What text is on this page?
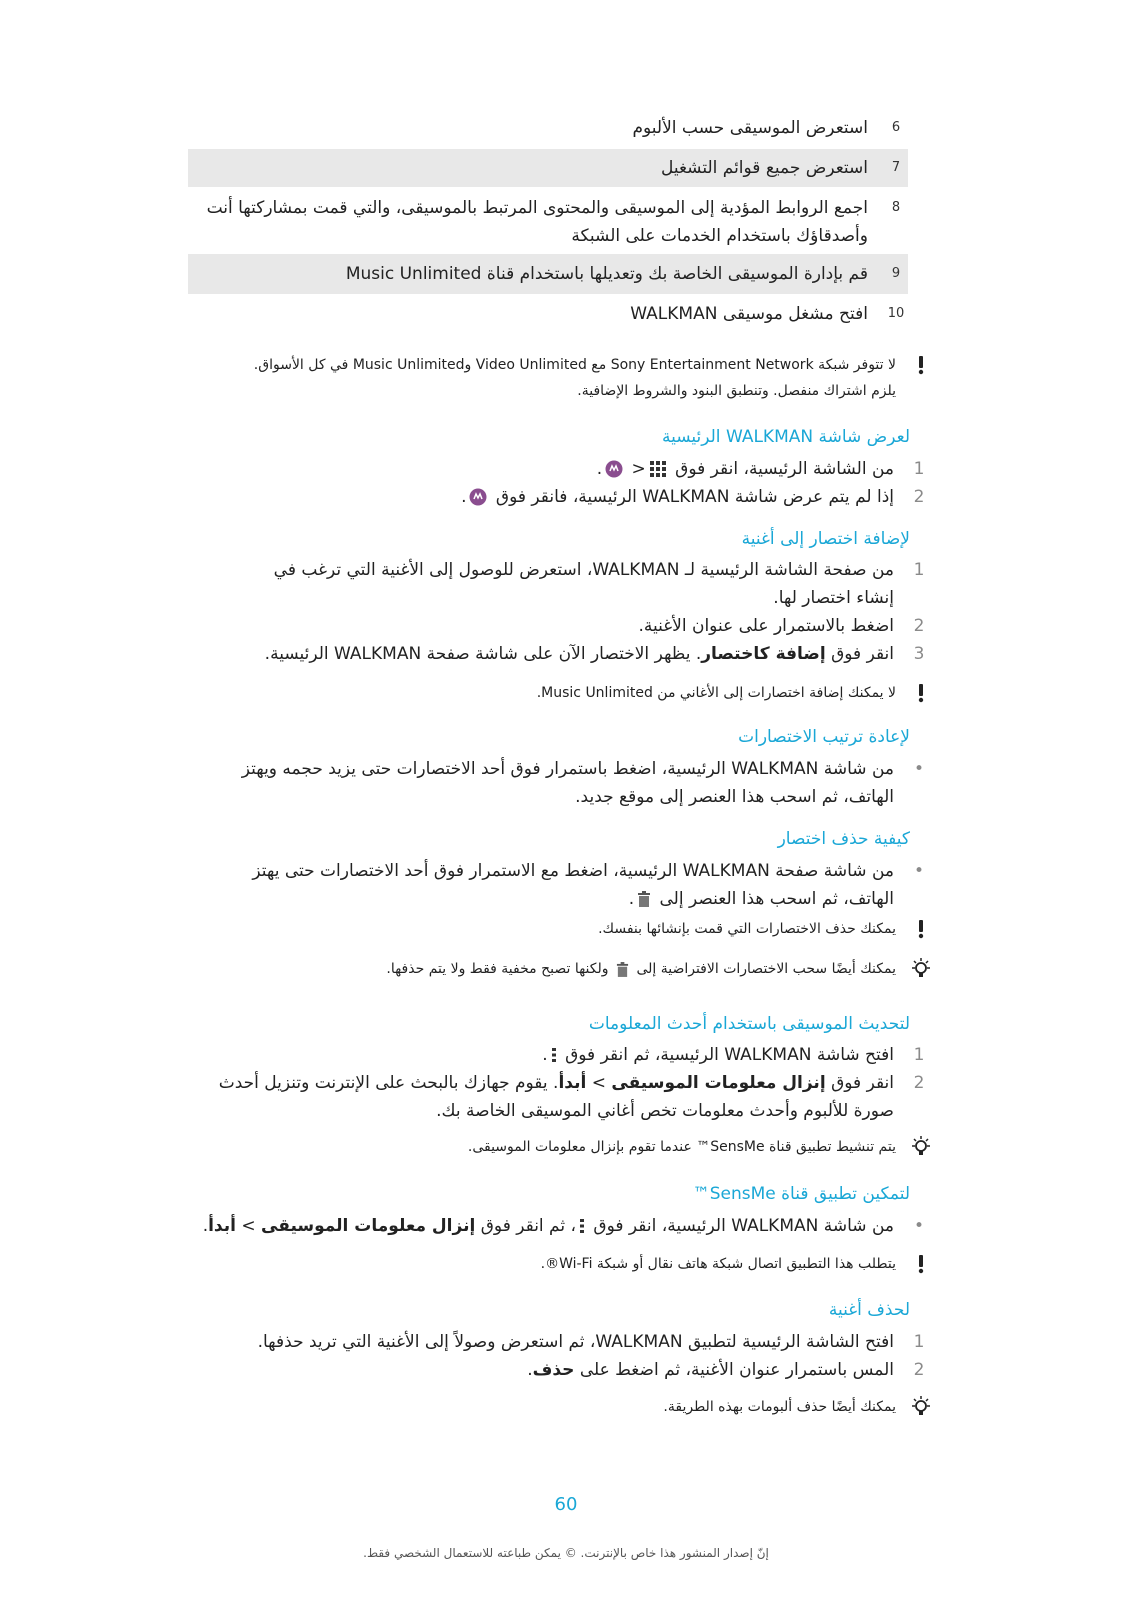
6
استعرض الموسيقى حسب الألبوم
7
استعرض جميع قوائم التشغيل
8
اجمع الروابط المؤدية إلى الموسيقى والمحتوى المرتبط بالموسيقى، والتي قمت بمشاركتها أنت
وأصدقاؤك باستخدام الخدمات على الشبكة
9
قم بإدارة الموسيقى الخاصة بك وتعديلها باستخدام قناة Music Unlimited
10
افتح مشغل موسيقى WALKMAN
لا تتوفر شبكة Sony Entertainment Network مع Video Unlimited وMusic Unlimited في كل الأسواق.
يلزم اشتراك منفصل. وتنطبق البنود والشروط الإضافية.
لعرض شاشة WALKMAN الرئيسية
1
من الشاشة الرئيسية، انقر فوق < .
2
إذا لم يتم عرض شاشة WALKMAN الرئيسية، فانقر فوق .
لإضافة اختصار إلى أغنية
1
من صفحة الشاشة الرئيسية لـ WALKMAN، استعرض للوصول إلى الأغنية التي ترغب في
إنشاء اختصار لها.
2
اضغط بالاستمرار على عنوان الأغنية.
3
انقر فوق إضافة كاختصار. يظهر الاختصار الآن على شاشة صفحة WALKMAN الرئيسية.
لا يمكنك إضافة اختصارات إلى الأغاني من Music Unlimited.
لإعادة ترتيب الاختصارات
•
من شاشة WALKMAN الرئيسية، اضغط باستمرار فوق أحد الاختصارات حتى يزيد حجمه ويهتز
الهاتف، ثم اسحب هذا العنصر إلى موقع جديد.
كيفية حذف اختصار
•
من شاشة صفحة WALKMAN الرئيسية، اضغط مع الاستمرار فوق أحد الاختصارات حتى يهتز
الهاتف، ثم اسحب هذا العنصر إلى .
يمكنك حذف الاختصارات التي قمت بإنشائها بنفسك.
يمكنك أيضًا سحب الاختصارات الافتراضية إلى  ولكنها تصبح مخفية فقط ولا يتم حذفها.
لتحديث الموسيقى باستخدام أحدث المعلومات
1
افتح شاشة WALKMAN الرئيسية، ثم انقر فوق .
2
انقر فوق إنزال معلومات الموسيقى > أبدأ. يقوم جهازك بالبحث على الإنترنت وتنزيل أحدث
صورة للألبوم وأحدث معلومات تخص أغاني الموسيقى الخاصة بك.
يتم تنشيط تطبيق قناة SensMe™ عندما تقوم بإنزال معلومات الموسيقى.
لتمكين تطبيق قناة SensMe™
•
من شاشة WALKMAN الرئيسية، انقر فوق ، ثم انقر فوق إنزال معلومات الموسيقى > أبدأ.
يتطلب هذا التطبيق اتصال شبكة هاتف نقال أو شبكة Wi-Fi®.
لحذف أغنية
1
افتح الشاشة الرئيسية لتطبيق WALKMAN، ثم استعرض وصولاً إلى الأغنية التي تريد حذفها.
2
المس باستمرار عنوان الأغنية، ثم اضغط على حذف.
يمكنك أيضًا حذف ألبومات بهذه الطريقة.
60
إنّ إصدار المنشور هذا خاص بالإنترنت. © يمكن طباعته للاستعمال الشخصي فقط.
